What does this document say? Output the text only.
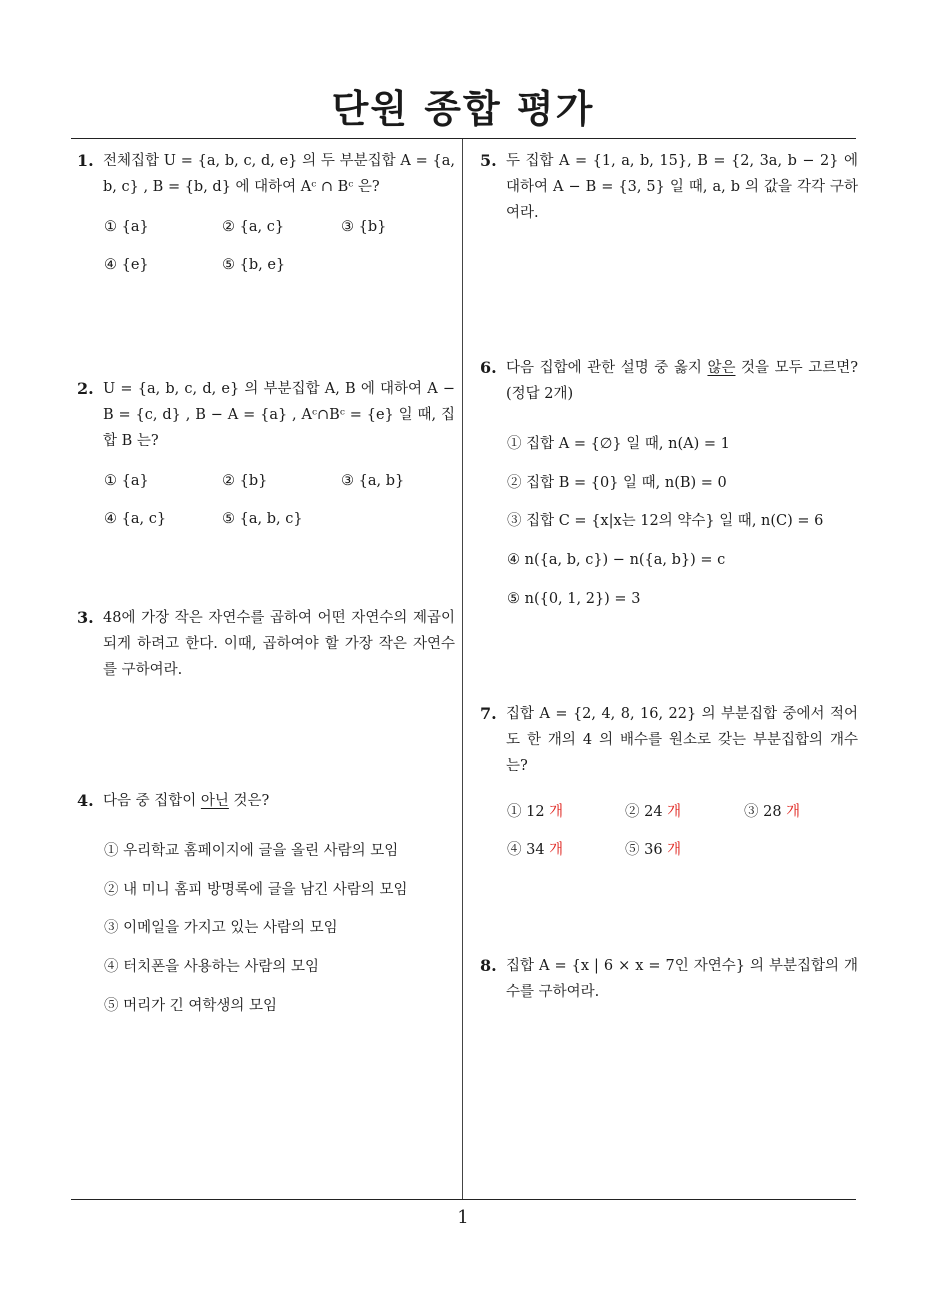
단원 종합 평가
1. 전체집합 U = {a, b, c, d, e} 의 두 부분집합 A = {a, b, c} , B = {b, d} 에 대하여 Aᶜ ∩ Bᶜ 은?
① {a}	② {a, c}	③ {b}
④ {e}	⑤ {b, e}
2. U = {a, b, c, d, e} 의 부분집합 A, B 에 대하여 A − B = {c, d} , B − A = {a} , Aᶜ∩Bᶜ = {e} 일 때, 집합 B 는?
① {a}	② {b}	③ {a, b}
④ {a, c}	⑤ {a, b, c}
3. 48에 가장 작은 자연수를 곱하여 어떤 자연수의 제곱이 되게 하려고 한다. 이때, 곱하여야 할 가장 작은 자연수를 구하여라.
4. 다음 중 집합이 아닌 것은?
① 우리학교 홈페이지에 글을 올린 사람의 모임
② 내 미니 홈피 방명록에 글을 남긴 사람의 모임
③ 이메일을 가지고 있는 사람의 모임
④ 터치폰을 사용하는 사람의 모임
⑤ 머리가 긴 여학생의 모임
5. 두 집합 A = {1, a, b, 15}, B = {2, 3a, b − 2} 에 대하여 A − B = {3, 5} 일 때, a, b 의 값을 각각 구하여라.
6. 다음 집합에 관한 설명 중 옳지 않은 것을 모두 고르면? (정답 2개)
① 집합 A = {∅} 일 때, n(A) = 1
② 집합 B = {0} 일 때, n(B) = 0
③ 집합 C = {x|x는 12의 약수} 일 때, n(C) = 6
④ n({a, b, c}) − n({a, b}) = c
⑤ n({0, 1, 2}) = 3
7. 집합 A = {2, 4, 8, 16, 22} 의 부분집합 중에서 적어도 한 개의 4 의 배수를 원소로 갖는 부분집합의 개수는?
① 12 개	② 24 개	③ 28 개
④ 34 개	⑤ 36 개
8. 집합 A = {x | 6 × x = 7인 자연수} 의 부분집합의 개수를 구하여라.
1
